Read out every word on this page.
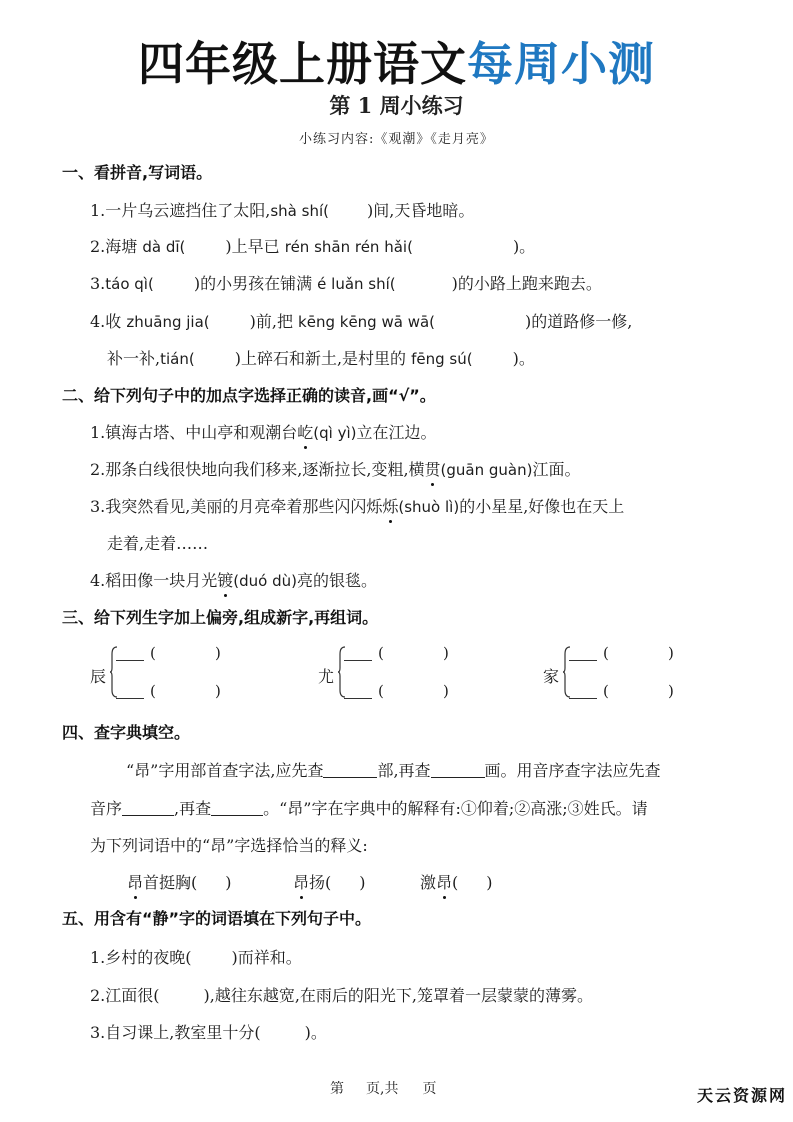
四年级上册语文每周小测
第 1 周小练习
小练习内容:《观潮》《走月亮》
一、看拼音,写词语。
1.一片乌云遮挡住了太阳,shà shí( )间,天昏地暗。
2.海塘 dà dī(	)上早已 rén shān rén hǎi(	)。
3.táo qì(	)的小男孩在铺满 é luǎn shí(	)的小路上跑来跑去。
4.收 zhuāng jia(	)前,把 kēng kēng wā wā(	)的道路修一修,
补一补,tián(	)上碎石和新土,是村里的 fēng sú(	)。
二、给下列句子中的加点字选择正确的读音,画“√”。
1.镇海古塔、中山亭和观潮台屹(qì yì)立在江边。
2.那条白线很快地向我们移来,逐渐拉长,变粗,横贯(guān guàn)江面。
3.我突然看见,美丽的月亮牵着那些闪闪烁烁(shuò lì)的小星星,好像也在天上
走着,走着……
4.稻田像一块月光镀(duó dù)亮的银毯。
三、给下列生字加上偏旁,组成新字,再组词。
辰
(	)
(	)
尤
(	)
(	)
家
(	)
(	)
四、查字典填空。
“昂”字用部首查字法,应先查	部,再查	画。用音序查字法应先查
音序	,再查	。“昂”字在字典中的解释有:①仰着;②高涨;③姓氏。请
为下列词语中的“昂”字选择恰当的释义:
昂首挺胸( )	昂扬( )	激昂( )
五、用含有“静”字的词语填在下列句子中。
1.乡村的夜晚(	)而祥和。
2.江面很(	),越往东越宽,在雨后的阳光下,笼罩着一层蒙蒙的薄雾。
3.自习课上,教室里十分(	)。
第 页,共 页	天云资源网
